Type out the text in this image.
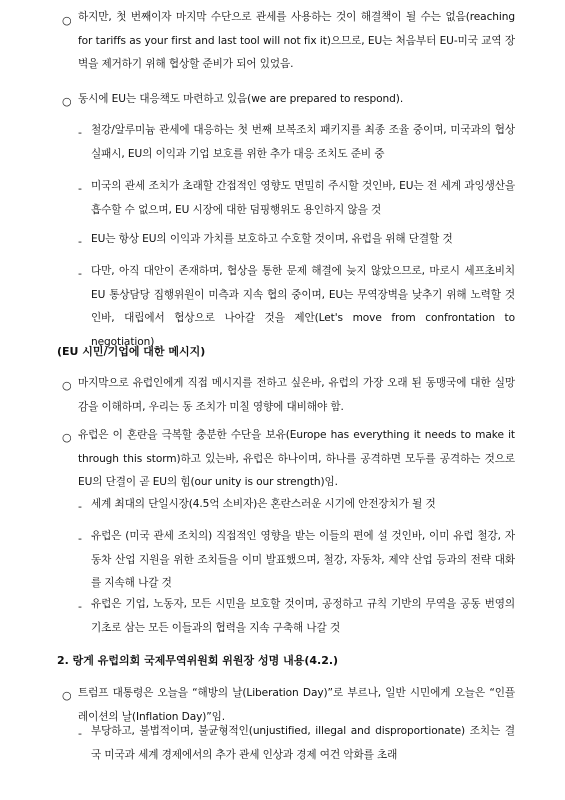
○ 하지만, 첫 번째이자 마지막 수단으로 관세를 사용하는 것이 해결책이 될 수는 없음(reaching for tariffs as your first and last tool will not fix it)으므로, EU는 처음부터 EU-미국 교역 장벽을 제거하기 위해 협상할 준비가 되어 있었음.
○ 동시에 EU는 대응책도 마련하고 있음(we are prepared to respond).
- 철강/알루미늄 관세에 대응하는 첫 번째 보복조치 패키지를 최종 조율 중이며, 미국과의 협상 실패시, EU의 이익과 기업 보호를 위한 추가 대응 조치도 준비 중
- 미국의 관세 조치가 초래할 간접적인 영향도 면밀히 주시할 것인바, EU는 전 세계 과잉생산을 흡수할 수 없으며, EU 시장에 대한 덤핑행위도 용인하지 않을 것
- EU는 항상 EU의 이익과 가치를 보호하고 수호할 것이며, 유럽을 위해 단결할 것
- 다만, 아직 대안이 존재하며, 협상을 통한 문제 해결에 늦지 않았으므로, 마로시 세프초비치 EU 통상담당 집행위원이 미측과 지속 협의 중이며, EU는 무역장벽을 낮추기 위해 노력할 것인바, 대립에서 협상으로 나아갈 것을 제안(Let's move from confrontation to negotiation)
(EU 시민/기업에 대한 메시지)
○ 마지막으로 유럽인에게 직접 메시지를 전하고 싶은바, 유럽의 가장 오래 된 동맹국에 대한 실망감을 이해하며, 우리는 동 조치가 미칠 영향에 대비해야 함.
○ 유럽은 이 혼란을 극복할 충분한 수단을 보유(Europe has everything it needs to make it through this storm)하고 있는바, 유럽은 하나이며, 하나를 공격하면 모두를 공격하는 것으로 EU의 단결이 곧 EU의 힘(our unity is our strength)임.
- 세계 최대의 단일시장(4.5억 소비자)은 혼란스러운 시기에 안전장치가 될 것
- 유럽은 (미국 관세 조치의) 직접적인 영향을 받는 이들의 편에 설 것인바, 이미 유럽 철강, 자동차 산업 지원을 위한 조치들을 이미 발표했으며, 철강, 자동차, 제약 산업 등과의 전략 대화를 지속해 나갈 것
- 유럽은 기업, 노동자, 모든 시민을 보호할 것이며, 공정하고 규칙 기반의 무역을 공동 번영의 기초로 삼는 모든 이들과의 협력을 지속 구축해 나갈 것
2. 랑게 유럽의회 국제무역위원회 위원장 성명 내용(4.2.)
○ 트럼프 대통령은 오늘을 “해방의 날(Liberation Day)”로 부르나, 일반 시민에게 오늘은 “인플레이션의 날(Inflation Day)”임.
- 부당하고, 불법적이며, 불균형적인(unjustified, illegal and disproportionate) 조치는 결국 미국과 세계 경제에서의 추가 관세 인상과 경제 여건 악화를 초래
